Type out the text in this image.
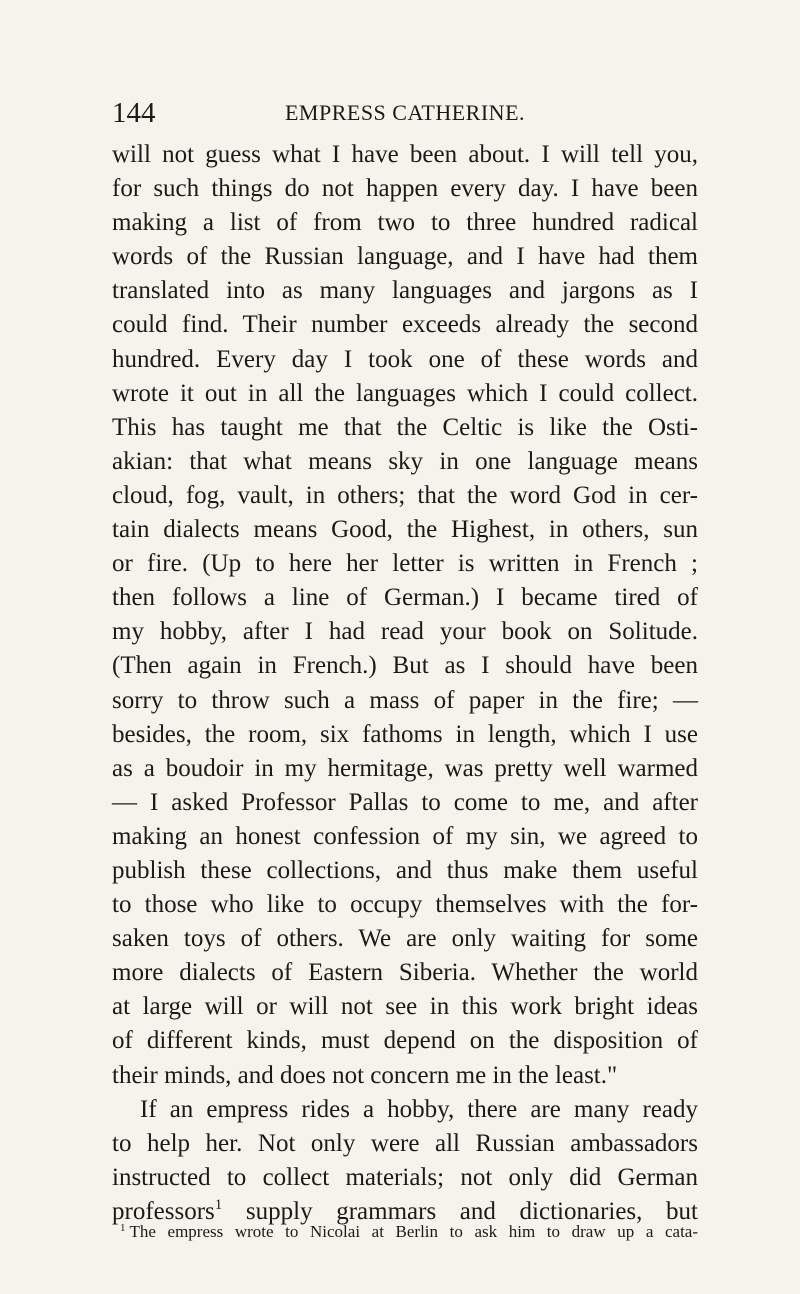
144	EMPRESS CATHERINE.
will not guess what I have been about. I will tell you,
for such things do not happen every day. I have been
making a list of from two to three hundred radical
words of the Russian language, and I have had them
translated into as many languages and jargons as I
could find. Their number exceeds already the second
hundred. Every day I took one of these words and
wrote it out in all the languages which I could collect.
This has taught me that the Celtic is like the Osti-
akian: that what means sky in one language means
cloud, fog, vault, in others; that the word God in cer-
tain dialects means Good, the Highest, in others, sun
or fire. (Up to here her letter is written in French ;
then follows a line of German.) I became tired of
my hobby, after I had read your book on Solitude.
(Then again in French.) But as I should have been
sorry to throw such a mass of paper in the fire; —
besides, the room, six fathoms in length, which I use
as a boudoir in my hermitage, was pretty well warmed
— I asked Professor Pallas to come to me, and after
making an honest confession of my sin, we agreed to
publish these collections, and thus make them useful
to those who like to occupy themselves with the for-
saken toys of others. We are only waiting for some
more dialects of Eastern Siberia. Whether the world
at large will or will not see in this work bright ideas
of different kinds, must depend on the disposition of
their minds, and does not concern me in the least."
If an empress rides a hobby, there are many ready
to help her. Not only were all Russian ambassadors
instructed to collect materials; not only did German
professors$^1$ supply grammars and dictionaries, but
$^1$ The empress wrote to Nicolai at Berlin to ask him to draw up a cata-
